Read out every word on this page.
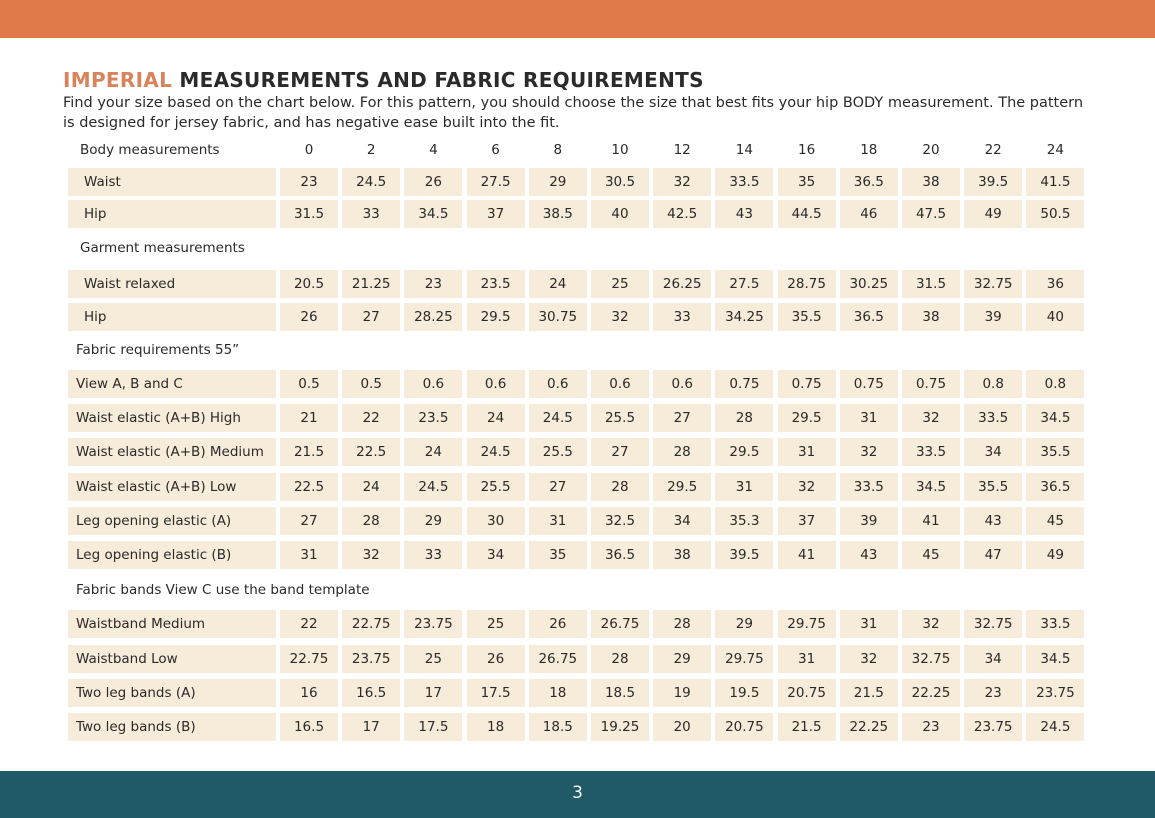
IMPERIAL MEASUREMENTS AND FABRIC REQUIREMENTS

Find your size based on the chart below. For this pattern, you should choose the size that best fits your hip BODY measurement. The pattern is designed for jersey fabric, and has negative ease built into the fit.

Body measurements	0	2	4	6	8	10	12	14	16	18	20	22	24
Waist	23	24.5	26	27.5	29	30.5	32	33.5	35	36.5	38	39.5	41.5
Hip	31.5	33	34.5	37	38.5	40	42.5	43	44.5	46	47.5	49	50.5
Garment measurements
Waist relaxed	20.5	21.25	23	23.5	24	25	26.25	27.5	28.75	30.25	31.5	32.75	36
Hip	26	27	28.25	29.5	30.75	32	33	34.25	35.5	36.5	38	39	40
Fabric requirements 55”
View A, B and C	0.5	0.5	0.6	0.6	0.6	0.6	0.6	0.75	0.75	0.75	0.75	0.8	0.8
Waist elastic (A+B) High	21	22	23.5	24	24.5	25.5	27	28	29.5	31	32	33.5	34.5
Waist elastic (A+B) Medium	21.5	22.5	24	24.5	25.5	27	28	29.5	31	32	33.5	34	35.5
Waist elastic (A+B) Low	22.5	24	24.5	25.5	27	28	29.5	31	32	33.5	34.5	35.5	36.5
Leg opening elastic (A)	27	28	29	30	31	32.5	34	35.3	37	39	41	43	45
Leg opening elastic (B)	31	32	33	34	35	36.5	38	39.5	41	43	45	47	49
Fabric bands View C use the band template
Waistband Medium	22	22.75	23.75	25	26	26.75	28	29	29.75	31	32	32.75	33.5
Waistband Low	22.75	23.75	25	26	26.75	28	29	29.75	31	32	32.75	34	34.5
Two leg bands (A)	16	16.5	17	17.5	18	18.5	19	19.5	20.75	21.5	22.25	23	23.75
Two leg bands (B)	16.5	17	17.5	18	18.5	19.25	20	20.75	21.5	22.25	23	23.75	24.5
3
